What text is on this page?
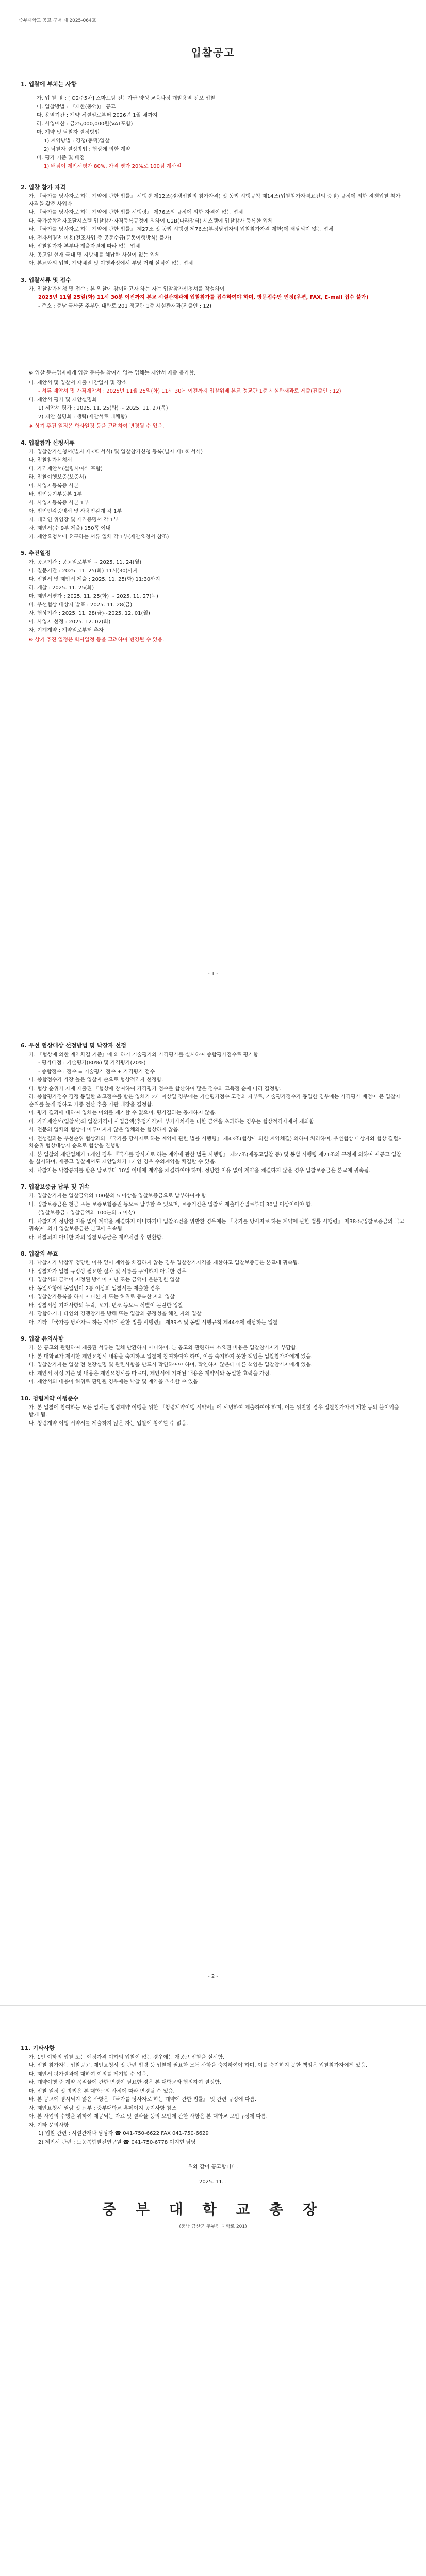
중부대학교 공고 구매 제 2025-064호
입찰공고
1. 입찰에 부치는 사항
가. 입 찰 명 : [IO2주5차] 스마트팜 전문가급 양성 교육과정 개발용역 전보 입찰
나. 입찰방법 : 『제한(총액)』 공고
다. 용역기간 : 계약 체결일로부터 2026년 1월 채까지
라. 사업예산 : 금25,000,000원(VAT포함)
마. 계약 및 낙찰자 결정방법
1) 계약방법 : 경쟁(총액)입찰
2) 낙찰자 결정방법 : 협상에 의한 계약
바. 평가 기준 및 배점
1) 배점이 제안서평가 80%, 가격 평가 20%로 100점 계사일
2. 입찰 참가 자격
가. 『국가를 당사자로 하는 계약에 관한 법률』 시행령 제12조(경쟁입찰의 참가자격) 및 동법 시행규칙 제14조(입찰참가자격요건의 증명) 규정에 의한 경쟁입찰 참가자격을 갖춘 사업자
나. 『국가를 당사자로 하는 계약에 관한 법률 시행령』 제76조의 규정에 의한 자격이 없는 업체
다. 국가종합전자조달시스템 입찰참가자격등록규정에 의하여 G2B(나라장터) 시스템에 입찰참가 등록한 업체
라. 『국가를 당사자로 하는 계약에 관한 법률』 제27조 및 동법 시행령 제76조(부정당업자의 입찰참가자격 제한)에 해당되지 않는 업체
마. 전자서명법 이용(전조사업 중 공동수급(공동이행방식) 불가)
바. 입찰참가자 본부나 계출자원에 따라 없는 업체
사. 공고일 현재 국내 및 지방세를 체납한 사실이 없는 업체
아. 본교와의 입찰, 계약체결 및 이행과정에서 부당 거래 실적이 없는 업체
3. 입찰서류 및 접수
가. 입찰참가신청 및 접수 : 본 입찰에 참여하고자 하는 자는 입찰참가신청서를 작성하여
2025년 11월 25일(화) 11시 30분 이전까지 본교 시설관재과에 입찰참가를 접수하여야 하며, 방문접수만 인정(우편, FAX, E-mail 접수 불가)
- 주소 : 충남 금산군 추부면 대학로 201 정교관 1층 시설관재과(진출인 : 12)
※ 입찰 등록업자에게 입찰 등록을 참여가 없는 업체는 제안서 제출 불가함.
나. 제안서 및 입찰서 제출 마감일시 및 장소
- 서류 제안서 및 가격제안서 : 2025년 11월 25일(화) 11시 30분 이전까지 입찰위배 본교 정교관 1층 시설관재과로 제출(진출인 : 12)
다. 제안서 평가 및 제안설명회
1) 제안서 평가 : 2025. 11. 25(화) ~ 2025. 11. 27(목)
2) 제안 설명회 : 생략(제안서로 대체함)
※ 상기 추진 일정은 학사일정 등을 고려하여 변경될 수 있음.
4. 입찰참가 신청서류
가. 입찰참가신청서(별지 제3호 서식) 및 입찰참가신청 등록(별지 제1호 서식)
나. 입찰참가신청서
다. 가격제안서(설립시여식 포함)
라. 입찰이행보증(보증서)
마. 사업자등록증 사본
바. 법인등기부등본 1부
사. 사업자등록증 사본 1부
아. 법인인감증명서 및 사용인감계 각 1부
자. 대리인 위임장 및 재직증명서 각 1부
차. 제안서(수 9부 제출) 150쪽 이내
카. 제안요청서에 요구하는 서류 일체 각 1부(제안요청서 참조)
5. 추진일정
가. 공고기간 : 공고일로부터 ~ 2025. 11. 24(월)
나. 질문기간 : 2025. 11. 25(화) 11시(30)까지
다. 입찰서 및 제안서 제출 : 2025. 11. 25(화) 11:30까지
라. 개찰 : 2025. 11. 25(화)
마. 제안서평가 : 2025. 11. 25(화) ~ 2025. 11. 27(목)
바. 우선협상 대상자 발표 : 2025. 11. 28(금)
사. 협상기간 : 2025. 11. 28(금)~2025. 12. 01(월)
아. 사업자 선정 : 2025. 12. 02(화)
자. 기계계약 : 계약일로부터 추자
※ 상기 추진 일정은 학사일정 등을 고려하여 변경될 수 있음.
- 1 -
6. 우선 협상대상 선정방법 및 낙찰자 선정
가. 『협상에 의한 계약체결 기준』에 의 하기 기술평가와 가격평가를 실시하여 종합평가점수로 평가함
- 평가배점 : 기술평가(80%) 및 가격평가(20%)
- 종합점수 : 점수 = 기술평가 점수 + 가격평가 점수
나. 종합점수가 가장 높은 입찰자 순으로 협상적격자 선정함.
다. 협상 순위가 자재 제출된 『협상에 참여하여 가격평가 점수를 합산하여 많은 점수의 고득점 순에 따라 결정함.
라. 종합평가점수 경쟁 동일한 최고점수를 받은 업체가 2개 이상일 경우에는 기술평가점수 고점의 자부로, 기술평가점수가 동일한 경우에는 가격평가 배점이 큰 입찰자 순위를 높게 정하고 가중 전산 추출 기관 대장을 결정함.
마. 평가 결과에 대하여 업체는 이의를 제기할 수 없으며, 평가결과는 공개하지 않음.
바. 가격제안서(입찰서)의 입찰가격이 사업금액(추정가격)에 부가가치세를 더한 금액을 초과하는 경우는 협상적격자에서 제외함.
사. 전문의 업체와 협상이 이루어지지 않은 업체와는 협상하지 않음.
아. 전성결과는 우선순위 협상과의 『국가를 당사자로 하는 계약에 관한 법률 시행령』 제43조(협상에 의한 계약체결) 의하여 처리하며, 우선협상 대상자와 협상 결렬시 차순위 협상대상자 순으로 협상을 진행함.
자. 본 입찰의 제안업체가 1개인 경우 『국가를 당사자로 하는 계약에 관한 법률 시행령』 제27조(재공고입찰 등) 및 동법 시행령 제21조의 규정에 의하여 재공고 입찰을 실시하며, 재공고 입찰에서도 제안업체가 1개인 경우 수의계약을 체결할 수 있음.
차. 낙찰자는 낙찰통지를 받은 날로부터 10일 이내에 계약을 체결하여야 하며, 정당한 이유 없이 계약을 체결하지 않을 경우 입찰보증금은 본교에 귀속됨.
7. 입찰보증금 납부 및 귀속
가. 입찰참가자는 입찰금액의 100분의 5 이상을 입찰보증금으로 납부하여야 함.
나. 입찰보증금은 현금 또는 보증보험증권 등으로 납부할 수 있으며, 보증기간은 입찰서 제출마감일로부터 30일 이상이어야 함.
(입찰보증금 : 입찰금액의 100분의 5 이상)
다. 낙찰자가 정당한 이유 없이 계약을 체결하지 아니하거나 입찰조건을 위반한 경우에는 『국가를 당사자로 하는 계약에 관한 법률 시행령』 제38조(입찰보증금의 국고귀속)에 의거 입찰보증금은 본교에 귀속됨.
라. 낙찰되지 아니한 자의 입찰보증금은 계약체결 후 반환함.
8. 입찰의 무효
가. 낙찰자가 낙찰후 정당한 이유 없이 계약을 체결하지 않는 경우 입찰참가자격을 제한하고 입찰보증금은 본교에 귀속됨.
나. 입찰자가 입찰 규정상 필요한 절차 및 서류를 구비하지 아니한 경우
다. 입찰서의 금액이 지정된 방식이 아닌 또는 금액이 불분명한 입찰
라. 동일사항에 동일인이 2통 이상의 입찰서를 제출한 경우
마. 입찰참가등록을 하지 아니한 자 또는 허위로 등록한 자의 입찰
바. 입찰서상 기재사항의 누락, 오기, 변조 등으로 식별이 곤란한 입찰
사. 담합하거나 타인의 경쟁참가를 방해 또는 입찰의 공정성을 해친 자의 입찰
아. 기타 『국가를 당사자로 하는 계약에 관한 법률 시행령』 제39조 및 동법 시행규칙 제44조에 해당하는 입찰
9. 입찰 유의사항
가. 본 공고와 관련하여 제출된 서류는 일체 반환하지 아니하며, 본 공고와 관련하여 소요된 비용은 입찰참가자가 부담함.
나. 본 대학교가 제시한 제안요청서 내용을 숙지하고 입찰에 참여하여야 하며, 이를 숙지하지 못한 책임은 입찰참가자에게 있음.
다. 입찰참가자는 입찰 전 현장설명 및 관련사항을 반드시 확인하여야 하며, 확인하지 않은데 따른 책임은 입찰참가자에게 있음.
라. 제안서 작성 기준 및 내용은 제안요청서를 따르며, 제안서에 기재된 내용은 계약서와 동일한 효력을 가짐.
마. 제안서의 내용이 허위로 판명될 경우에는 낙찰 및 계약을 취소할 수 있음.
10. 청렴계약 이행준수
가. 본 입찰에 참여하는 모든 업체는 청렴계약 이행을 위한 『청렴계약이행 서약서』에 서명하여 제출하여야 하며, 이를 위반할 경우 입찰참가자격 제한 등의 불이익을 받게 됨.
나. 청렴계약 이행 서약서를 제출하지 않은 자는 입찰에 참여할 수 없음.
- 2 -
11. 기타사항
가. 1인 이하의 입찰 또는 예정가격 이하의 입찰이 없는 경우에는 재공고 입찰을 실시함.
나. 입찰 참가자는 입찰공고, 제안요청서 및 관련 법령 등 입찰에 필요한 모든 사항을 숙지하여야 하며, 이를 숙지하지 못한 책임은 입찰참가자에게 있음.
다. 제안서 평가결과에 대하여 이의를 제기할 수 없음.
라. 계약이행 중 계약 목적물에 관한 변경이 필요한 경우 본 대학교와 협의하여 결정함.
마. 입찰 일정 및 방법은 본 대학교의 사정에 따라 변경될 수 있음.
바. 본 공고에 명시되지 않은 사항은 『국가를 당사자로 하는 계약에 관한 법률』 및 관련 규정에 따름.
사. 제안요청서 열람 및 교부 : 중부대학교 홈페이지 공지사항 참조
아. 본 사업의 수행을 위하여 제공되는 자료 및 결과물 등의 보안에 관한 사항은 본 대학교 보안규정에 따름.
자. 기타 문의사항
1) 입찰 관련 : 시설관재과 담당자 ☎ 041-750-6622 FAX 041-750-6629
2) 제안서 관련 : 도농복합발전연구원 ☎ 041-750-6778 이지현 담당
위와 같이 공고합니다.
2025. 11. .
중 부 대 학 교 총 장
(충남 금산군 추부면 대학로 201)
